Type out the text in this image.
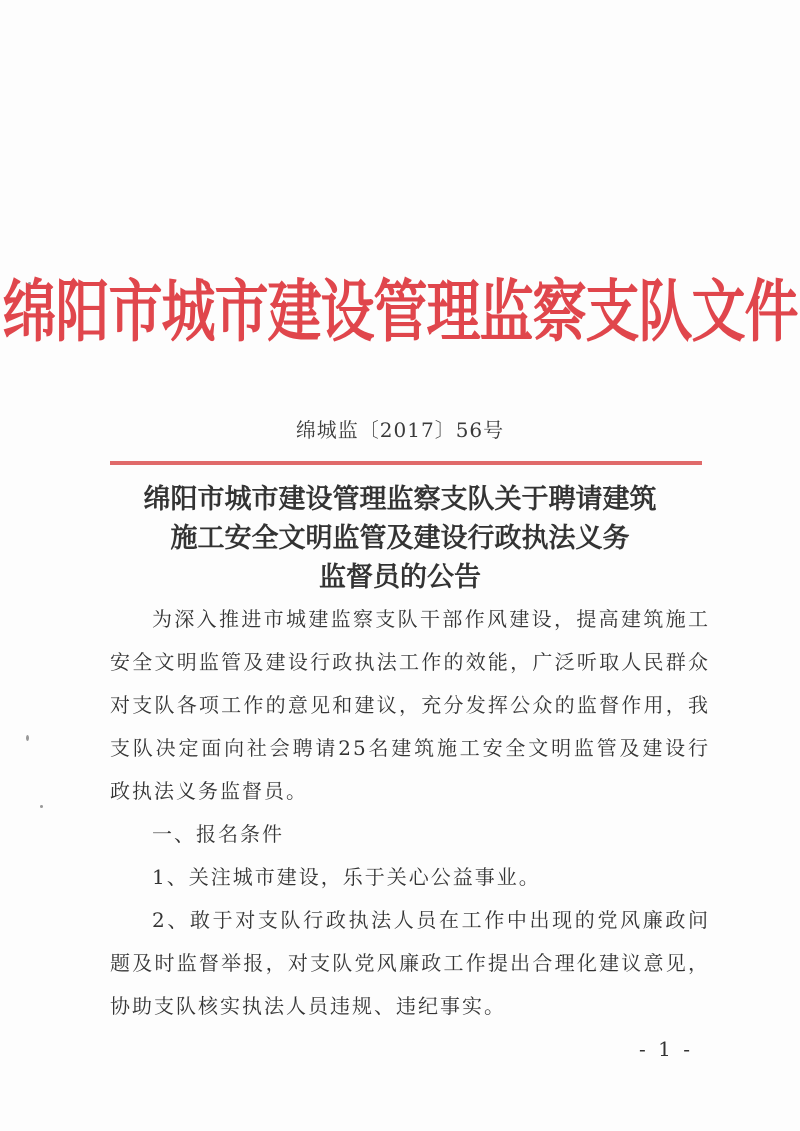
绵阳市城市建设管理监察支队文件
绵城监〔2017〕56号
绵阳市城市建设管理监察支队关于聘请建筑
施工安全文明监管及建设行政执法义务
监督员的公告

为深入推进市城建监察支队干部作风建设，提高建筑施工安全文明监管及建设行政执法工作的效能，广泛听取人民群众对支队各项工作的意见和建议，充分发挥公众的监督作用，我支队决定面向社会聘请25名建筑施工安全文明监管及建设行政执法义务监督员。

一、报名条件

1、关注城市建设，乐于关心公益事业。

2、敢于对支队行政执法人员在工作中出现的党风廉政问题及时监督举报，对支队党风廉政工作提出合理化建议意见，协助支队核实执法人员违规、违纪事实。

- 1 -
